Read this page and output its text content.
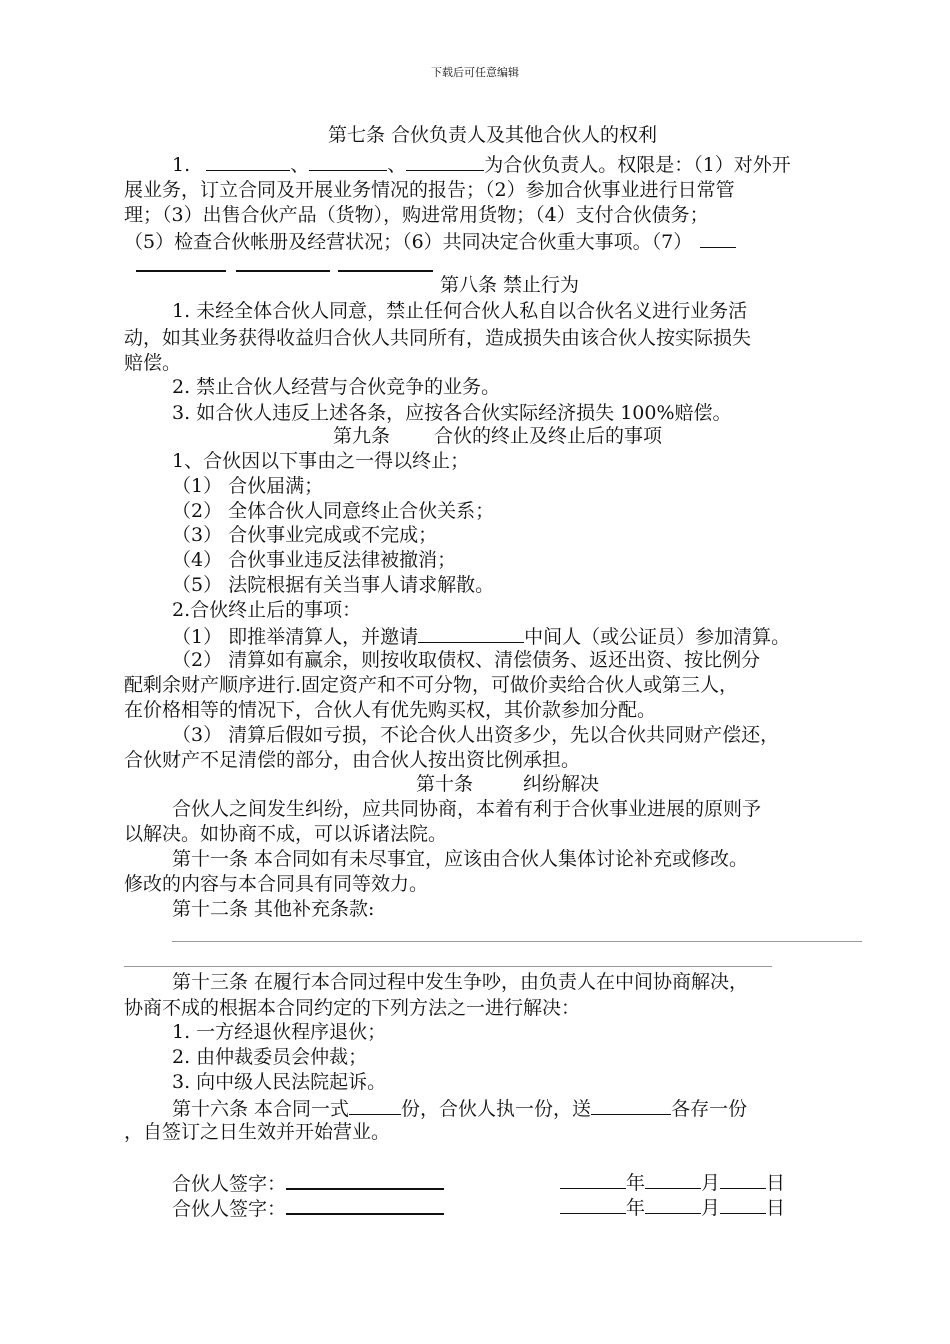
下载后可任意编辑
第七条 合伙负责人及其他合伙人的权利
1.	、	、	为合伙负责人。权限是：（1）对外开
展业务，订立合同及开展业务情况的报告；（2）参加合伙事业进行日常管
理；（3）出售合伙产品（货物），购进常用货物；（4）支付合伙债务；
（5）检查合伙帐册及经营状况；（6）共同决定合伙重大事项。（7）
第八条 禁止行为
1. 未经全体合伙人同意，禁止任何合伙人私自以合伙名义进行业务活
动，如其业务获得收益归合伙人共同所有，造成损失由该合伙人按实际损失
赔偿。
2. 禁止合伙人经营与合伙竞争的业务。
3. 如合伙人违反上述各条，应按各合伙实际经济损失 100%赔偿。
第九条 合伙的终止及终止后的事项
1、合伙因以下事由之一得以终止；
（1） 合伙届满；
（2） 全体合伙人同意终止合伙关系；
（3） 合伙事业完成或不完成；
（4） 合伙事业违反法律被撤消；
（5） 法院根据有关当事人请求解散。
2.合伙终止后的事项：
（1） 即推举清算人，并邀请	中间人（或公证员）参加清算。
（2） 清算如有赢余，则按收取债权、清偿债务、返还出资、按比例分
配剩余财产顺序进行.固定资产和不可分物，可做价卖给合伙人或第三人，
在价格相等的情况下，合伙人有优先购买权，其价款参加分配。
（3） 清算后假如亏损，不论合伙人出资多少，先以合伙共同财产偿还，
合伙财产不足清偿的部分，由合伙人按出资比例承担。
第十条	纠纷解决
合伙人之间发生纠纷，应共同协商，本着有利于合伙事业进展的原则予
以解决。如协商不成，可以诉诸法院。
第十一条 本合同如有未尽事宜，应该由合伙人集体讨论补充或修改。
修改的内容与本合同具有同等效力。
第十二条 其他补充条款:
第十三条 在履行本合同过程中发生争吵，由负责人在中间协商解决，
协商不成的根据本合同约定的下列方法之一进行解决：
1. 一方经退伙程序退伙；
2. 由仲裁委员会仲裁；
3. 向中级人民法院起诉。
第十六条 本合同一式	份，合伙人执一份，送	各存一份
，自签订之日生效并开始营业。
合伙人签字：	年	月 日
合伙人签字：	年	月 日
